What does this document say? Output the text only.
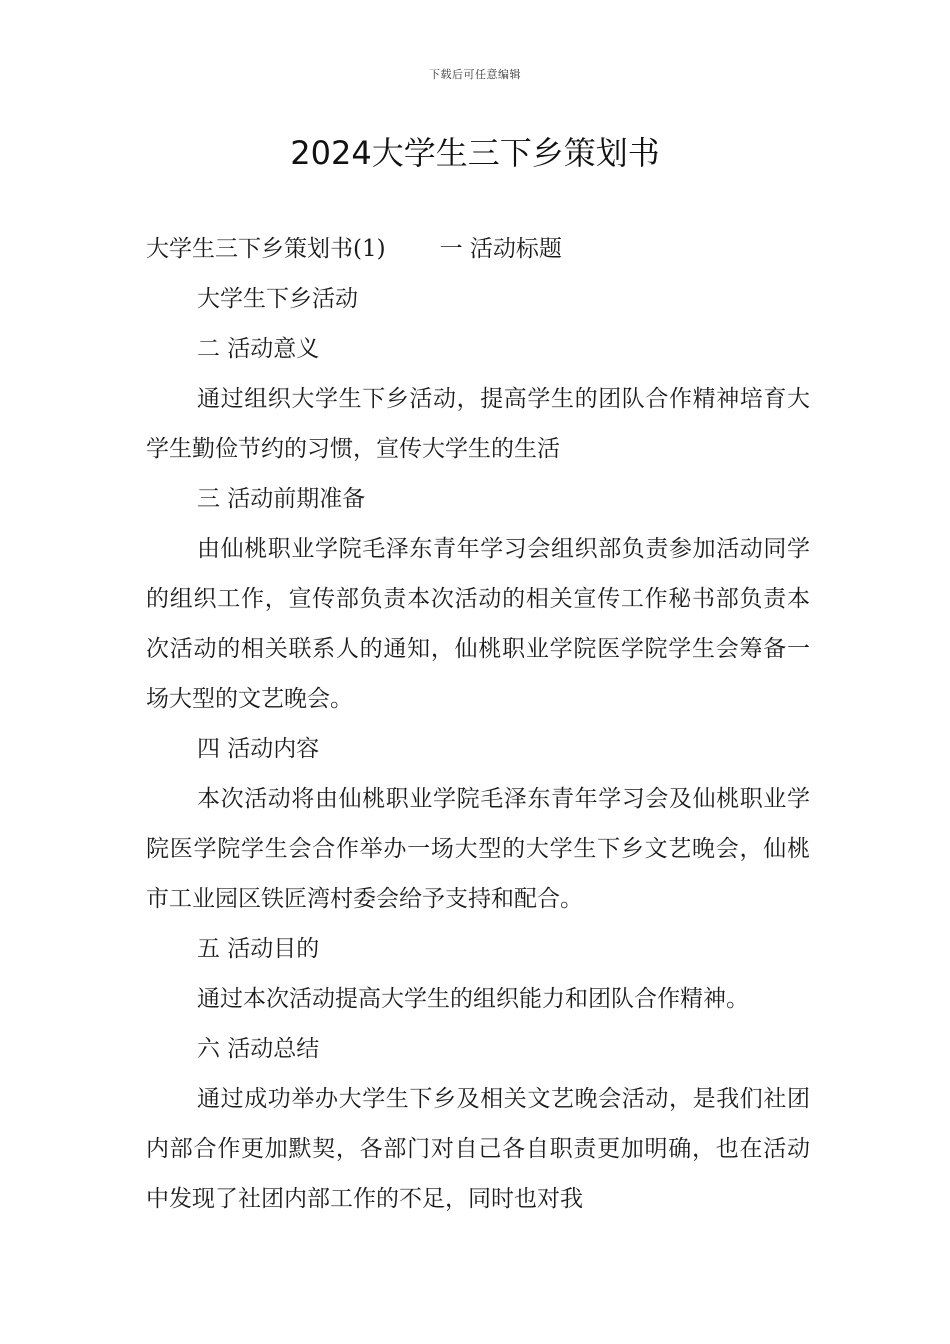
下载后可任意编辑
2024大学生三下乡策划书

大学生三下乡策划书(1) 一 活动标题

大学生下乡活动

二 活动意义

通过组织大学生下乡活动，提高学生的团队合作精神培育大学生勤俭节约的习惯，宣传大学生的生活

三 活动前期准备

由仙桃职业学院毛泽东青年学习会组织部负责参加活动同学的组织工作，宣传部负责本次活动的相关宣传工作秘书部负责本次活动的相关联系人的通知，仙桃职业学院医学院学生会筹备一场大型的文艺晚会。

四 活动内容

本次活动将由仙桃职业学院毛泽东青年学习会及仙桃职业学院医学院学生会合作举办一场大型的大学生下乡文艺晚会，仙桃市工业园区铁匠湾村委会给予支持和配合。

五 活动目的

通过本次活动提高大学生的组织能力和团队合作精神。

六 活动总结

通过成功举办大学生下乡及相关文艺晚会活动，是我们社团内部合作更加默契，各部门对自己各自职责更加明确，也在活动中发现了社团内部工作的不足，同时也对我
